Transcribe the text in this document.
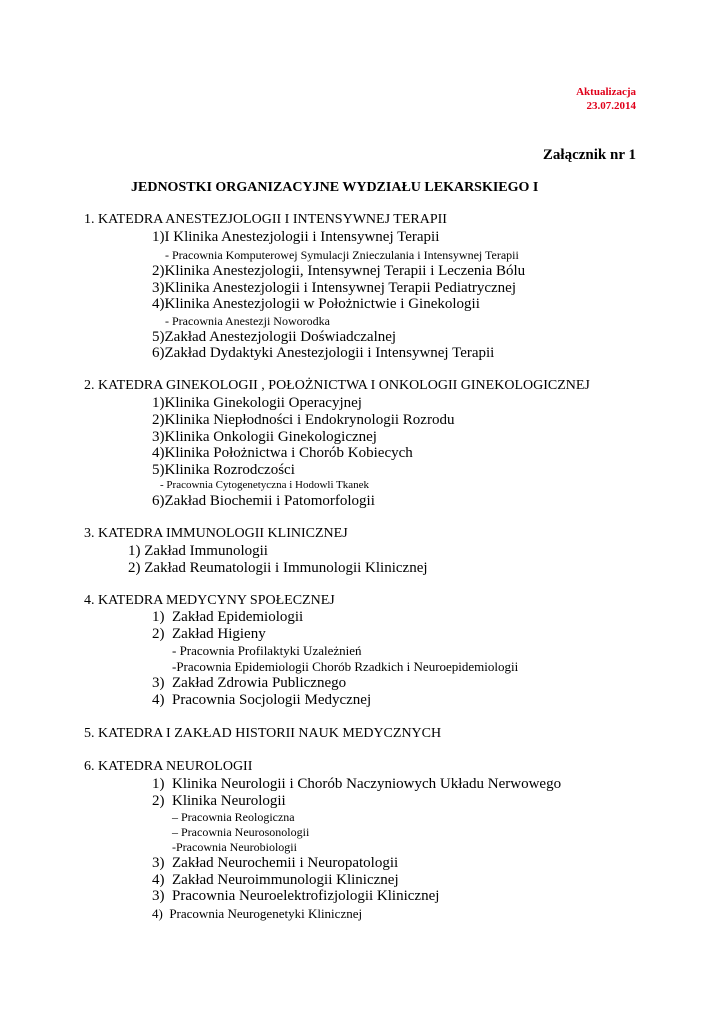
Aktualizacja
23.07.2014
Załącznik nr 1
JEDNOSTKI ORGANIZACYJNE WYDZIAŁU LEKARSKIEGO I
1. KATEDRA ANESTEZJOLOGII I INTENSYWNEJ TERAPII
1)I Klinika Anestezjologii i Intensywnej Terapii
- Pracownia Komputerowej Symulacji Znieczulania i Intensywnej Terapii
2)Klinika Anestezjologii, Intensywnej Terapii i Leczenia Bólu
3)Klinika Anestezjologii i Intensywnej Terapii Pediatrycznej
4)Klinika Anestezjologii w Położnictwie i Ginekologii
- Pracownia Anestezji Noworodka
5)Zakład Anestezjologii Doświadczalnej
6)Zakład Dydaktyki Anestezjologii i Intensywnej Terapii
2. KATEDRA GINEKOLOGII , POŁOŻNICTWA I ONKOLOGII GINEKOLOGICZNEJ
1)Klinika Ginekologii Operacyjnej
2)Klinika Niepłodności i Endokrynologii Rozrodu
3)Klinika Onkologii Ginekologicznej
4)Klinika Położnictwa i Chorób Kobiecych
5)Klinika Rozrodczości
- Pracownia Cytogenetyczna i Hodowli Tkanek
6)Zakład Biochemii i Patomorfologii
3. KATEDRA IMMUNOLOGII KLINICZNEJ
1) Zakład Immunologii
2) Zakład Reumatologii i Immunologii Klinicznej
4. KATEDRA MEDYCYNY SPOŁECZNEJ
1)  Zakład Epidemiologii
2)  Zakład Higieny
- Pracownia Profilaktyki Uzależnień
-Pracownia Epidemiologii Chorób Rzadkich i Neuroepidemiologii
3)  Zakład Zdrowia Publicznego
4)  Pracownia Socjologii Medycznej
5. KATEDRA I ZAKŁAD HISTORII NAUK MEDYCZNYCH
6. KATEDRA NEUROLOGII
1)  Klinika Neurologii i Chorób Naczyniowych Układu Nerwowego
2)  Klinika Neurologii
– Pracownia Reologiczna
– Pracownia Neurosonologii
-Pracownia Neurobiologii
3)  Zakład Neurochemii i Neuropatologii
4)  Zakład Neuroimmunologii Klinicznej
3)  Pracownia Neuroelektrofizjologii Klinicznej
4)  Pracownia Neurogenetyki Klinicznej
